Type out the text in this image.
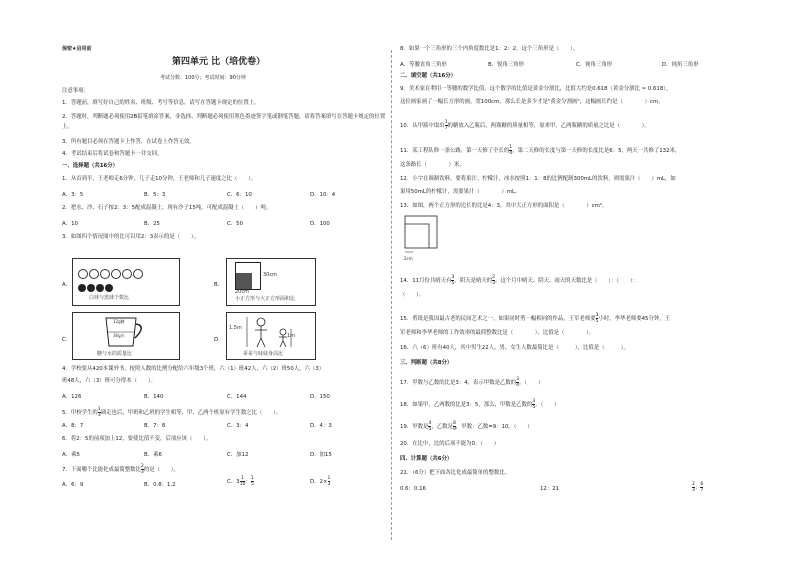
保密★启用前
第四单元 比（培优卷）
考试分数：100分；考试时间：90分钟
注意事项：
1．答题前，填写好自己的姓名、班级、考号等信息，请写在答题卡规定的位置上。
2．答题时，判断题必须使用2B铅笔填涂答案，非选择、判断题必须使用黑色墨迹签字笔或钢笔答题，请将答案填写在答题卡规定的位置上。
3．所有题目必须在答题卡上作答，在试卷上作答无效。
4．考试结束后将试卷和答题卡一并交回。
一、选择题（共16分）
1．从首到半，王老师走6分钟，儿子走10分钟，王老师和儿子速度之比（　　）。
A．3：5	B．5：3	C．6：10	D．10：4
2．把水、沙、石子按2：3：5配成混凝土，现有沙子15吨，可配成混凝土（　　）吨。
A．10	B．25	C．50	D．100
3．如图四个情况图中的比可以用2：3表示的是（　　）。
A．
白球与黑球个数比
B．
30cm
20cm
小正方形与大正方形面积比
C．
12g糖
36g水
糖与水的质量比
D．
1.5m
1m
哥哥与妹妹身高比
4．学校要从420本课外书，按照人数的比例分配给六年级3个班，六（1）班42人，六（2）班50人，六（3）
班48人，六（3）班可分得本（　　）。
A．126	B．140	C．144	D．150
5．甲校学生的 $\frac{1}{3}$ 调走也后，甲班和乙班的学生相等，甲、乙两个班原有学生数之比（　　）。
A．8：7	B．7：8	C．3：4	D．4：3
6．将2：5的前项加上12，要使比值不变，后项应该（　　）。
A．乘5	B．乘6	C．加12	D．加15
7．下面哪个比能化成最简整数比 $\frac{2}{3}$ 的是（　　）。
A．6：9	B．0.8：1.2	C．$3 \frac{1}{10}$ ： $\frac{1}{5}$	D．$2\times \frac{1}{3}$
8．如果一个三角形的三个内角度数比是1：2：2，这个三角形是（　　）。
A．等腰直角三角形	B．锐角三角形	C．钝角三角形	D．钝角三角形
二、填空题（共16分）
9．美术家在利用一等腰的数学比值，这个数学的比值是黄金分割比，比值大约是0.618（黄金分割比 ≈ 0.618），
这位画家画了一幅长方形的画，宽100cm，那么长是多少才是"黄金分割画"，这幅画长约是（　　　　）cm。
10．从甲瓶中取出 $\frac{1}{7}$ 的糖放入乙瓶后，两瓶糖的质量相等，原来甲、乙两瓶糖的质量之比是（　　　　）。
11．某工程队修一条公路，第一天修了全长的 $\frac{1}{4}$ ，第二天修的长度与第一天修的长度比是6：5，两天一共修了132米，
这条路长（　　　　）米。
12．小宇在调制饮料，要将果汁、柠檬汁、冰水按照1：1：8的比例配制300mL的饮料，则需果汁（　　）mL，如
果用50mL的柠檬汁，需要果汁（　　　　）mL。
13．如图，两个正方形的边长的比是4：3，其中大正方形的面积是（　　　　）cm²。
2cm
14．11月份共晴天有 $\frac{3}{5}$ ，阴天是晴天的 $\frac{2}{3}$ ，这个月中晴天、阴天、雨天的天数比是（　　）：（　　）：
（　　）。
15．剪纸是我国最古老的民间艺术之一，如果同时剪一幅相同的作品，王军老师要 $\frac{3}{5}$ 小时，李华老师要45分钟，王
军老师和李华老师的工作效率的最简整数比是（　　　　），比值是（　　　　）。
16．六（6）班有40人，其中男生22人，男、女生人数最简比是（　　　），比值是（　　　）。
三、判断题（共8分）
17．甲数与乙数的比是3：4，表示甲数是乙数的 $\frac{3}{4}$ 。（　　）
18．如果甲、乙两数的比是3：5，那么，甲数是乙数的 $\frac{3}{5}$ 。（　　）
19．甲数是 $\frac{4}{5}$ ，乙数是 $\frac{8}{9}$ ，甲数：乙数=9：10。（　　）
20．在比中，比的后项不能为0。（　　）
四、计算题（共6分）
21．（6分）把下面各比化成最简单的整数比。
0.6：0.16	12：21	$\frac{2}{3}$ ： $\frac{6}{7}$
